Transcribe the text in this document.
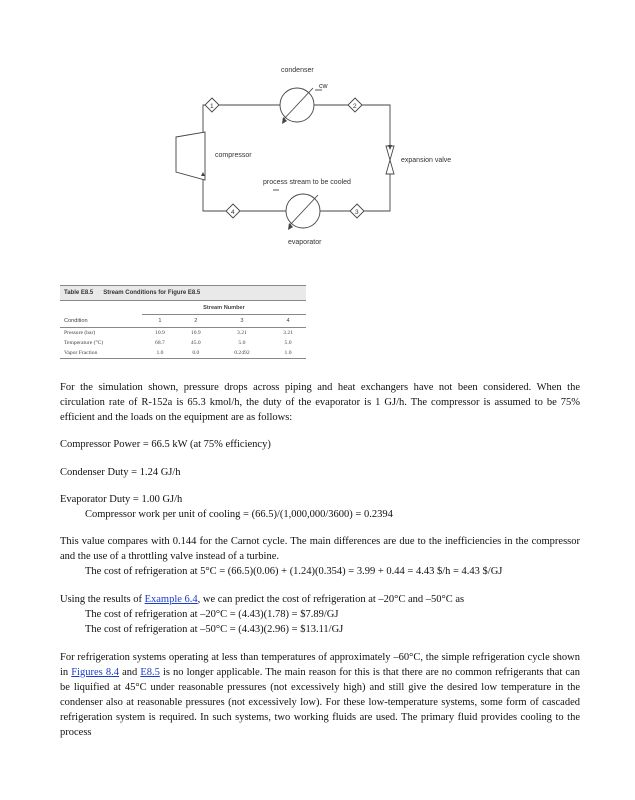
condenser
cw
compressor
expansion valve
process stream to be cooled
evaporator
1	2
3
4
Table E8.5 Stream Conditions for Figure E8.5
	Stream Number			
Condition	1	2	3	4
Pressure (bar)	10.9	10.9	3.21	3.21
Temperature (°C)	68.7	45.0	5.0	5.0
Vapor Fraction	1.0	0.0	0.2492	1.0
For the simulation shown, pressure drops across piping and heat exchangers have not been considered. When the circulation rate of R-152a is 65.3 kmol/h, the duty of the evaporator is 1 GJ/h. The compressor is assumed to be 75% efficient and the loads on the equipment are as follows:
Compressor Power = 66.5 kW (at 75% efficiency)
Condenser Duty = 1.24 GJ/h
Evaporator Duty = 1.00 GJ/h
Compressor work per unit of cooling = (66.5)/(1,000,000/3600) = 0.2394
This value compares with 0.144 for the Carnot cycle. The main differences are due to the inefficiencies in the compressor and the use of a throttling valve instead of a turbine.
The cost of refrigeration at 5°C = (66.5)(0.06) + (1.24)(0.354) = 3.99 + 0.44 = 4.43 $/h = 4.43 $/GJ
Using the results of Example 6.4, we can predict the cost of refrigeration at –20°C and –50°C as
The cost of refrigeration at –20°C = (4.43)(1.78) = $7.89/GJ
The cost of refrigeration at –50°C = (4.43)(2.96) = $13.11/GJ
For refrigeration systems operating at less than temperatures of approximately –60°C, the simple refrigeration cycle shown in Figures 8.4 and E8.5 is no longer applicable. The main reason for this is that there are no common refrigerants that can be liquified at 45°C under reasonable pressures (not excessively high) and still give the desired low temperature in the condenser also at reasonable pressures (not excessively low). For these low-temperature systems, some form of cascaded refrigeration system is required. In such systems, two working fluids are used. The primary fluid provides cooling to the process
